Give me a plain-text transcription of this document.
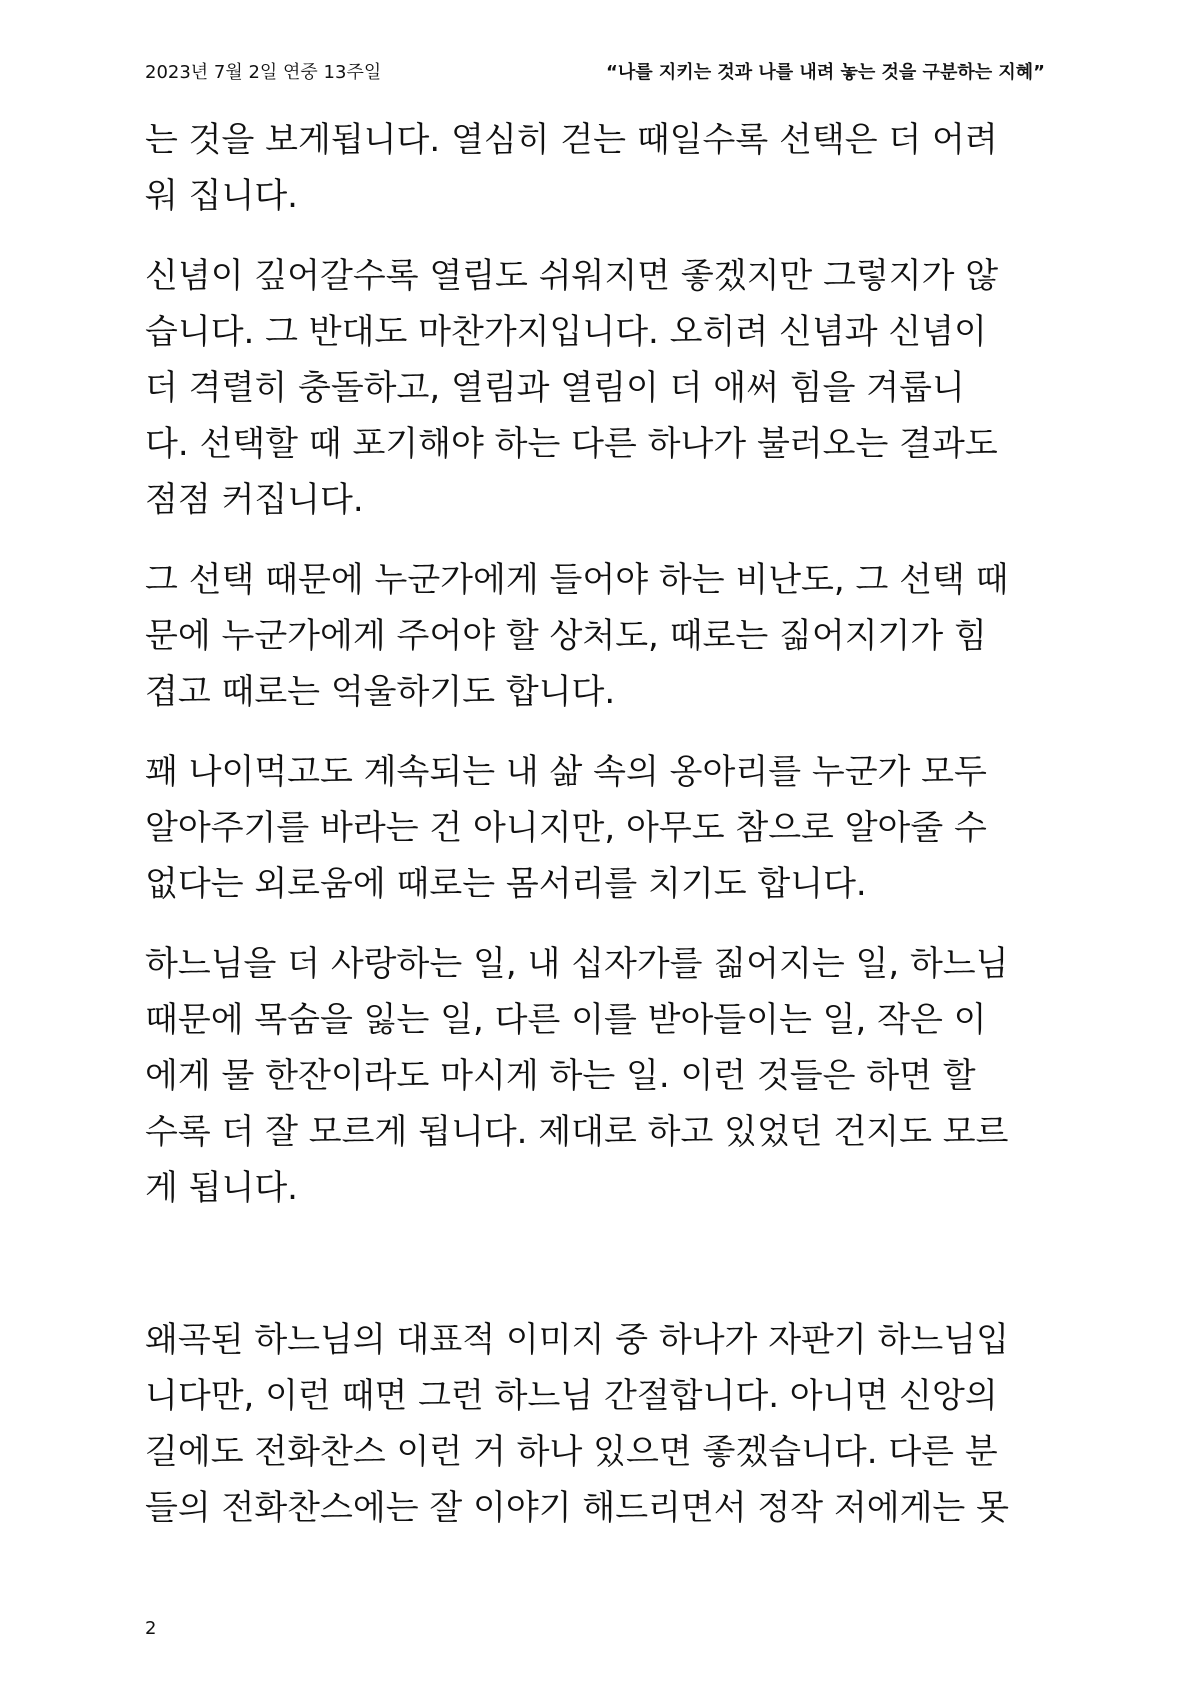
2023년 7월 2일 연중 13주일	“나를 지키는 것과 나를 내려 놓는 것을 구분하는 지혜”

는 것을 보게됩니다. 열심히 걷는 때일수록 선택은 더 어려
워 집니다.

신념이 깊어갈수록 열림도 쉬워지면 좋겠지만 그렇지가 않
습니다. 그 반대도 마찬가지입니다. 오히려 신념과 신념이
더 격렬히 충돌하고, 열림과 열림이 더 애써 힘을 겨룹니
다. 선택할 때 포기해야 하는 다른 하나가 불러오는 결과도
점점 커집니다.

그 선택 때문에 누군가에게 들어야 하는 비난도, 그 선택 때
문에 누군가에게 주어야 할 상처도, 때로는 짊어지기가 힘
겹고 때로는 억울하기도 합니다.

꽤 나이먹고도 계속되는 내 삶 속의 옹아리를 누군가 모두
알아주기를 바라는 건 아니지만, 아무도 참으로 알아줄 수
없다는 외로움에 때로는 몸서리를 치기도 합니다.

하느님을 더 사랑하는 일, 내 십자가를 짊어지는 일, 하느님
때문에 목숨을 잃는 일, 다른 이를 받아들이는 일, 작은 이
에게 물 한잔이라도 마시게 하는 일. 이런 것들은 하면 할
수록 더 잘 모르게 됩니다. 제대로 하고 있었던 건지도 모르
게 됩니다.

왜곡된 하느님의 대표적 이미지 중 하나가 자판기 하느님입
니다만, 이런 때면 그런 하느님 간절합니다. 아니면 신앙의
길에도 전화찬스 이런 거 하나 있으면 좋겠습니다. 다른 분
들의 전화찬스에는 잘 이야기 해드리면서 정작 저에게는 못

2
